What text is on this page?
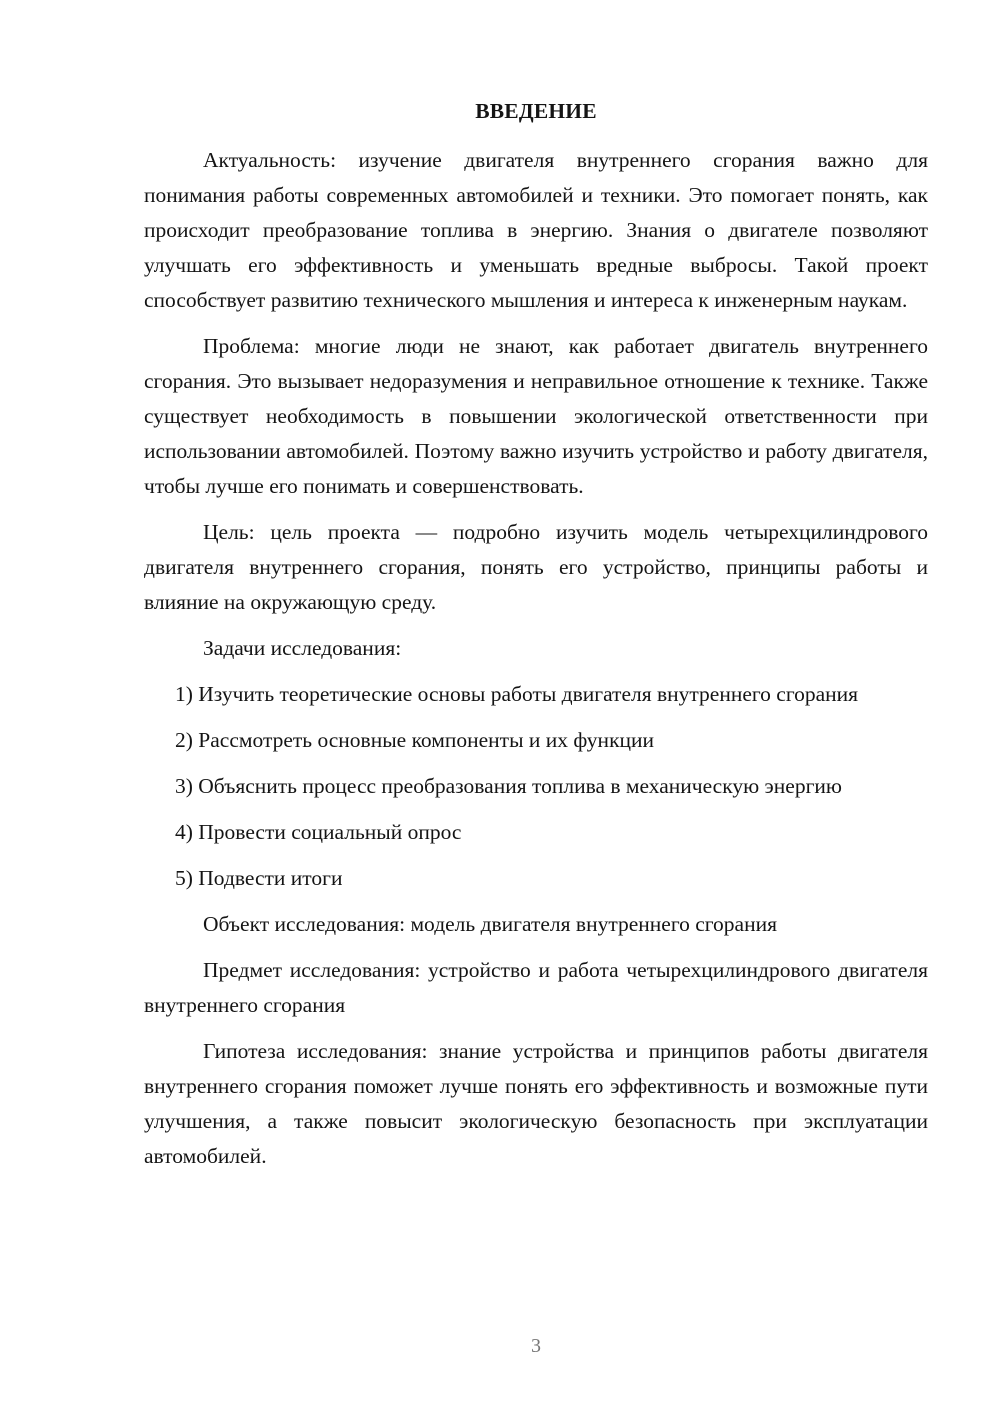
ВВЕДЕНИЕ

Актуальность: изучение двигателя внутреннего сгорания важно для понимания работы современных автомобилей и техники. Это помогает понять, как происходит преобразование топлива в энергию. Знания о двигателе позволяют улучшать его эффективность и уменьшать вредные выбросы. Такой проект способствует развитию технического мышления и интереса к инженерным наукам.

Проблема: многие люди не знают, как работает двигатель внутреннего сгорания. Это вызывает недоразумения и неправильное отношение к технике. Также существует необходимость в повышении экологической ответственности при использовании автомобилей. Поэтому важно изучить устройство и работу двигателя, чтобы лучше его понимать и совершенствовать.

Цель: цель проекта — подробно изучить модель четырехцилиндрового двигателя внутреннего сгорания, понять его устройство, принципы работы и влияние на окружающую среду.

Задачи исследования:

1) Изучить теоретические основы работы двигателя внутреннего сгорания

2) Рассмотреть основные компоненты и их функции

3) Объяснить процесс преобразования топлива в механическую энергию

4) Провести социальный опрос

5) Подвести итоги

Объект исследования: модель двигателя внутреннего сгорания

Предмет исследования: устройство и работа четырехцилиндрового двигателя внутреннего сгорания

Гипотеза исследования: знание устройства и принципов работы двигателя внутреннего сгорания поможет лучше понять его эффективность и возможные пути улучшения, а также повысит экологическую безопасность при эксплуатации автомобилей.

3
